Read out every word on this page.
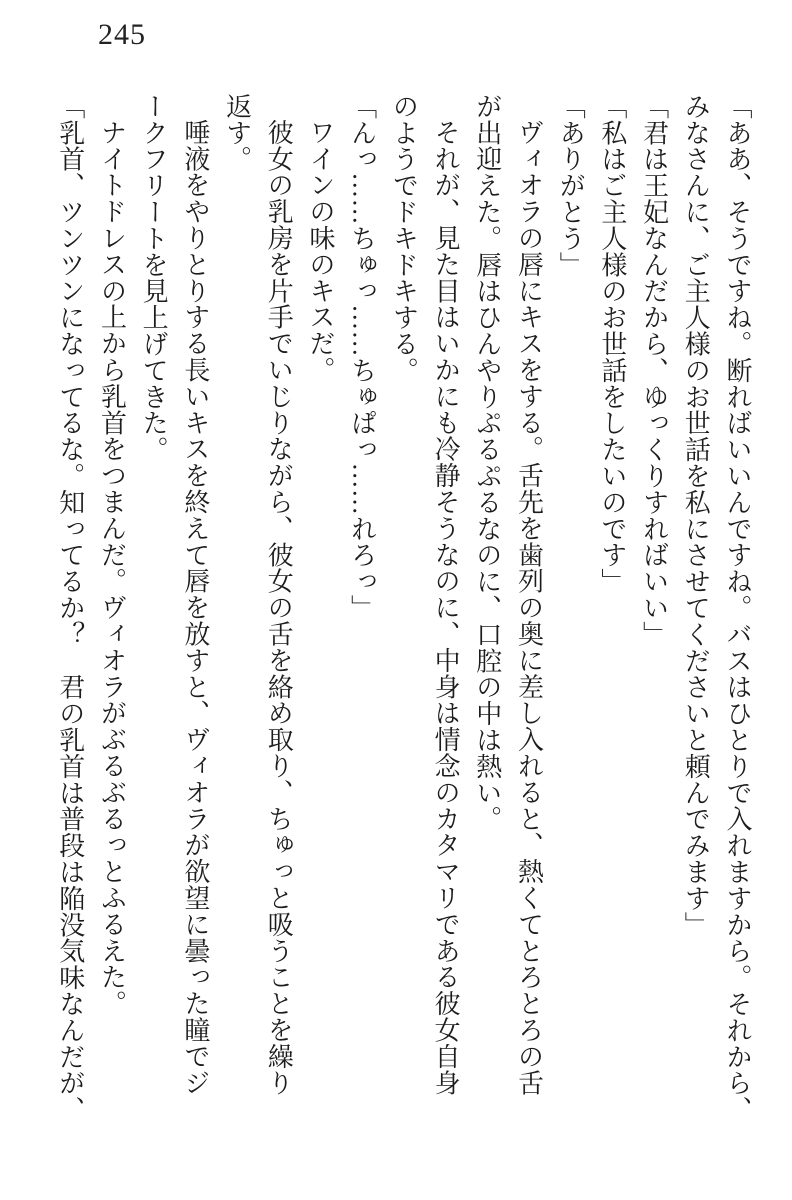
245
「ああ、そうですね。断ればいいんですね。バスはひとりで入れますから。それから、
みなさんに、ご主人様のお世話を私にさせてくださいと頼んでみます」
「君は王妃なんだから、ゆっくりすればいい」
「私はご主人様のお世話をしたいのです」
「ありがとう」
ヴィオラの唇にキスをする。舌先を歯列の奥に差し入れると、熱くてとろとろの舌
が出迎えた。唇はひんやりぷるぷるなのに、口腔の中は熱い。
それが、見た目はいかにも冷静そうなのに、中身は情念のカタマリである彼女自身
のようでドキドキする。
「んっ……ちゅっ……ちゅぱっ……れろっ」
ワインの味のキスだ。
彼女の乳房を片手でいじりながら、彼女の舌を絡め取り、ちゅっと吸うことを繰り
返す。
唾液をやりとりする長いキスを終えて唇を放すと、ヴィオラが欲望に曇った瞳でジ
ークフリートを見上げてきた。
ナイトドレスの上から乳首をつまんだ。ヴィオラがぶるぶるっとふるえた。
「乳首、ツンツンになってるな。知ってるか？　君の乳首は普段は陥没気味なんだが、
